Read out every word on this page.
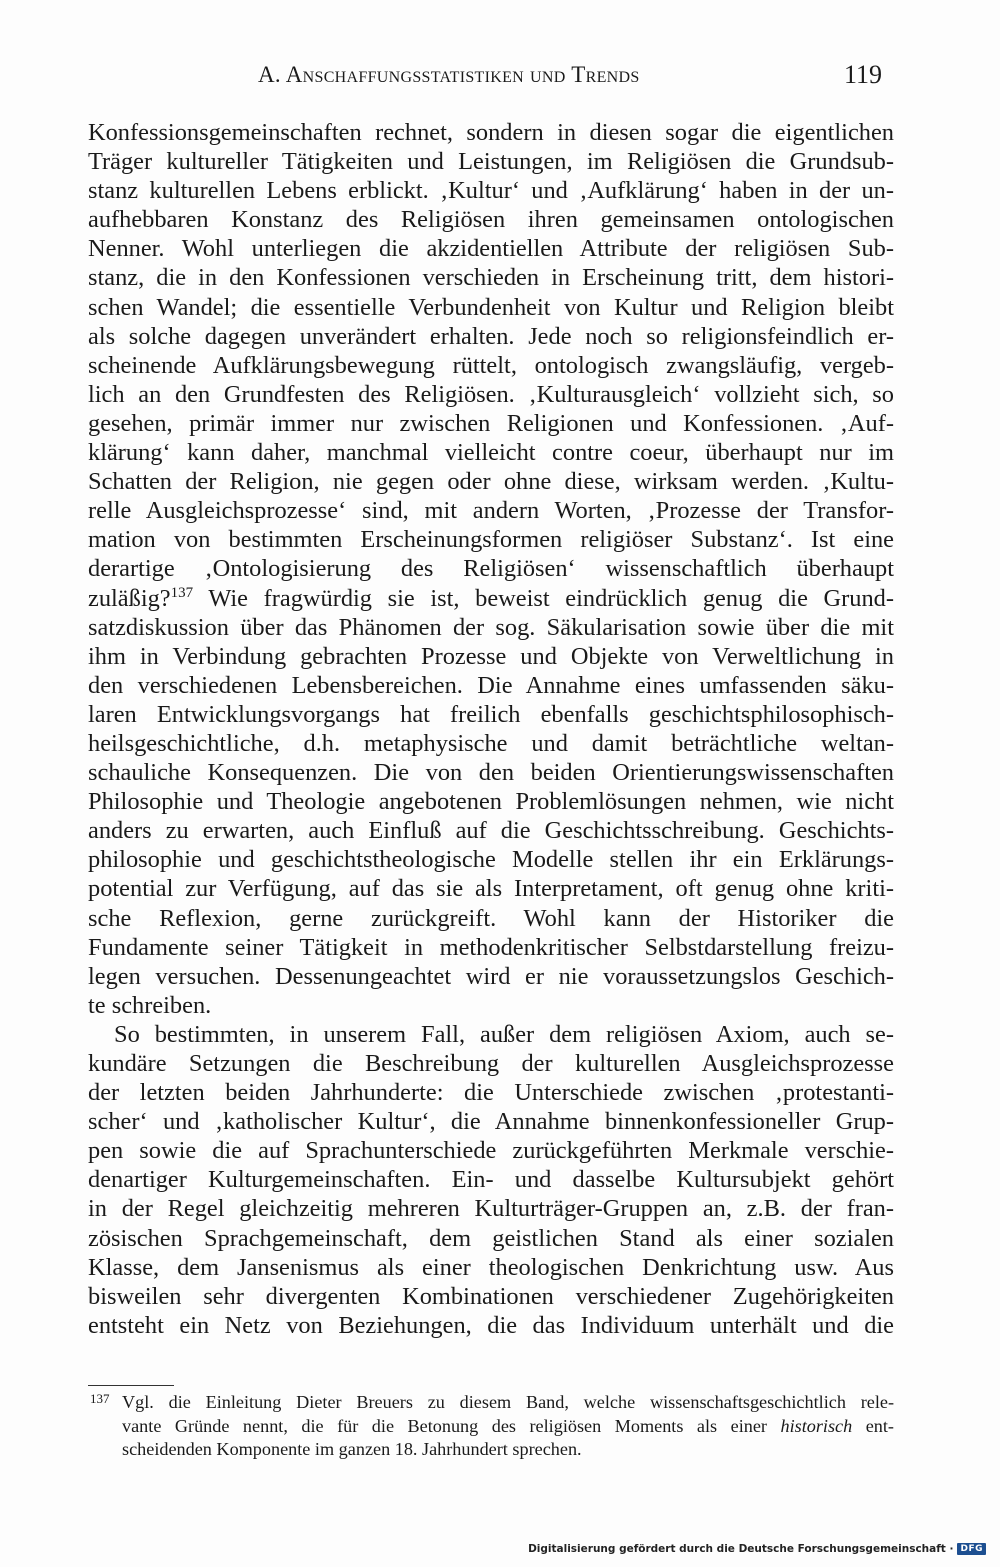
A. Anschaffungsstatistiken und Trends	119
Konfessionsgemeinschaften rechnet, sondern in diesen sogar die eigentlichen
Träger kultureller Tätigkeiten und Leistungen, im Religiösen die Grundsub-
stanz kulturellen Lebens erblickt. ‚Kultur‘ und ‚Aufklärung‘ haben in der un-
aufhebbaren Konstanz des Religiösen ihren gemeinsamen ontologischen
Nenner. Wohl unterliegen die akzidentiellen Attribute der religiösen Sub-
stanz, die in den Konfessionen verschieden in Erscheinung tritt, dem histori-
schen Wandel; die essentielle Verbundenheit von Kultur und Religion bleibt
als solche dagegen unverändert erhalten. Jede noch so religionsfeindlich er-
scheinende Aufklärungsbewegung rüttelt, ontologisch zwangsläufig, vergeb-
lich an den Grundfesten des Religiösen. ‚Kulturausgleich‘ vollzieht sich, so
gesehen, primär immer nur zwischen Religionen und Konfessionen. ‚Auf-
klärung‘ kann daher, manchmal vielleicht contre coeur, überhaupt nur im
Schatten der Religion, nie gegen oder ohne diese, wirksam werden. ‚Kultu-
relle Ausgleichsprozesse‘ sind, mit andern Worten, ‚Prozesse der Transfor-
mation von bestimmten Erscheinungsformen religiöser Substanz‘. Ist eine
derartige ‚Ontologisierung des Religiösen‘ wissenschaftlich überhaupt
zuläßig?$^{137}$ Wie fragwürdig sie ist, beweist eindrücklich genug die Grund-
satzdiskussion über das Phänomen der sog. Säkularisation sowie über die mit
ihm in Verbindung gebrachten Prozesse und Objekte von Verweltlichung in
den verschiedenen Lebensbereichen. Die Annahme eines umfassenden säku-
laren Entwicklungsvorgangs hat freilich ebenfalls geschichtsphilosophisch-
heilsgeschichtliche, d.h. metaphysische und damit beträchtliche weltan-
schauliche Konsequenzen. Die von den beiden Orientierungswissenschaften
Philosophie und Theologie angebotenen Problemlösungen nehmen, wie nicht
anders zu erwarten, auch Einfluß auf die Geschichtsschreibung. Geschichts-
philosophie und geschichtstheologische Modelle stellen ihr ein Erklärungs-
potential zur Verfügung, auf das sie als Interpretament, oft genug ohne kriti-
sche Reflexion, gerne zurückgreift. Wohl kann der Historiker die
Fundamente seiner Tätigkeit in methodenkritischer Selbstdarstellung freizu-
legen versuchen. Dessenungeachtet wird er nie voraussetzungslos Geschich-
te schreiben.
So bestimmten, in unserem Fall, außer dem religiösen Axiom, auch se-
kundäre Setzungen die Beschreibung der kulturellen Ausgleichsprozesse
der letzten beiden Jahrhunderte: die Unterschiede zwischen ‚protestanti-
scher‘ und ‚katholischer Kultur‘, die Annahme binnenkonfessioneller Grup-
pen sowie die auf Sprachunterschiede zurückgeführten Merkmale verschie-
denartiger Kulturgemeinschaften. Ein- und dasselbe Kultursubjekt gehört
in der Regel gleichzeitig mehreren Kulturträger-Gruppen an, z.B. der fran-
zösischen Sprachgemeinschaft, dem geistlichen Stand als einer sozialen
Klasse, dem Jansenismus als einer theologischen Denkrichtung usw. Aus
bisweilen sehr divergenten Kombinationen verschiedener Zugehörigkeiten
entsteht ein Netz von Beziehungen, die das Individuum unterhält und die
137 Vgl. die Einleitung Dieter Breuers zu diesem Band, welche wissenschaftsgeschichtlich rele-
vante Gründe nennt, die für die Betonung des religiösen Moments als einer historisch ent-
scheidenden Komponente im ganzen 18. Jahrhundert sprechen.
Digitalisierung gefördert durch die Deutsche Forschungsgemeinschaft · DFG
